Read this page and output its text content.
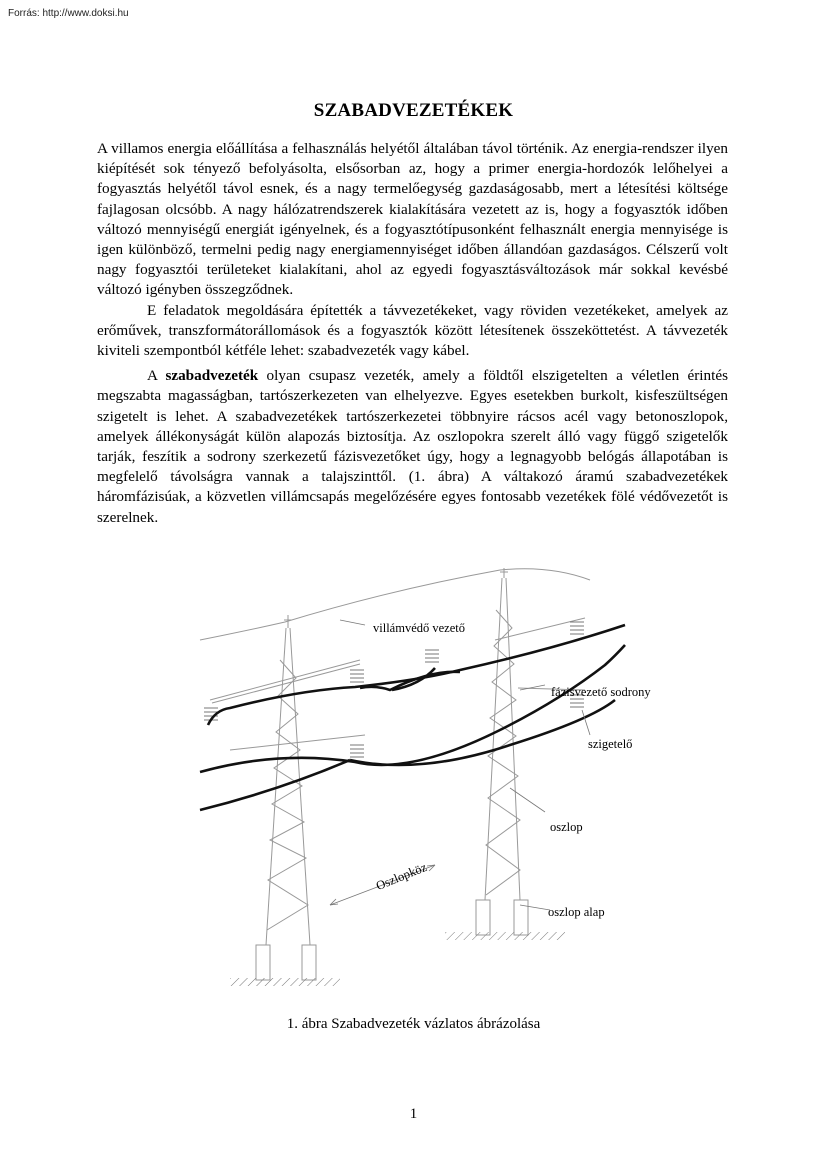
Forrás: http://www.doksi.hu
SZABADVEZETÉKEK

A villamos energia előállítása a felhasználás helyétől általában távol történik. Az energia-rendszer ilyen kiépítését sok tényező befolyásolta, elsősorban az, hogy a primer energia-hordozók lelőhelyei a fogyasztás helyétől távol esnek, és a nagy termelőegység gazdaságosabb, mert a létesítési költsége fajlagosan olcsóbb. A nagy hálózatrendszerek kialakítására vezetett az is, hogy a fogyasztók időben változó mennyiségű energiát igényelnek, és a fogyasztótípusonként felhasznált energia mennyisége is igen különböző, termelni pedig nagy energiamennyiséget időben állandóan gazdaságos. Célszerű volt nagy fogyasztói területeket kialakítani, ahol az egyedi fogyasztásváltozások már sokkal kevésbé változó igényben összegződnek.

E feladatok megoldására építették a távvezetékeket, vagy röviden vezetékeket, amelyek az erőművek, transzformátorállomások és a fogyasztók között létesítenek összeköttetést. A távvezeték kiviteli szempontból kétféle lehet: szabadvezeték vagy kábel.

A szabadvezeték olyan csupasz vezeték, amely a földtől elszigetelten a véletlen érintés megszabta magasságban, tartószerkezeten van elhelyezve. Egyes esetekben burkolt, kisfeszültségen szigetelt is lehet. A szabadvezetékek tartószerkezetei többnyire rácsos acél vagy betonoszlopok, amelyek állékonyságát külön alapozás biztosítja. Az oszlopokra szerelt álló vagy függő szigetelők tarják, feszítik a sodrony szerkezetű fázisvezetőket úgy, hogy a legnagyobb belógás állapotában is megfelelő távolságra vannak a talajszinttől. (1. ábra) A váltakozó áramú szabadvezetékek háromfázisúak, a közvetlen villámcsapás megelőzésére egyes fontosabb vezetékek fölé védővezetőt is szerelnek.

villámvédő vezető
fázisvezető sodrony
szigetelő
oszlop
Oszlopköz
oszlop alap
1. ábra Szabadvezeték vázlatos ábrázolása
1
